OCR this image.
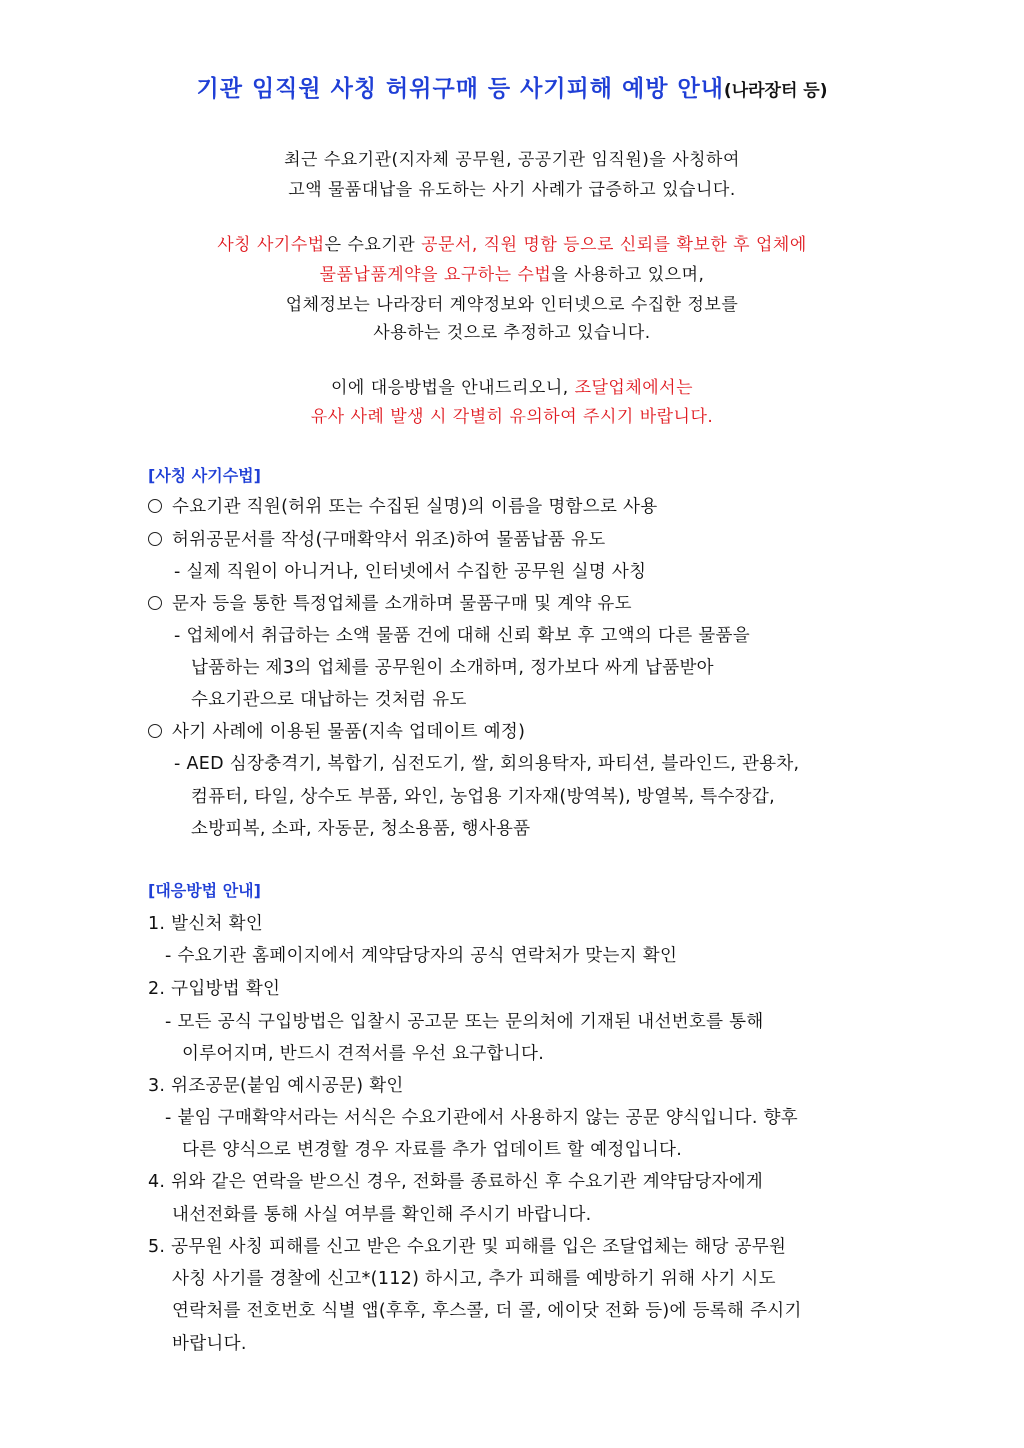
기관 임직원 사칭 허위구매 등 사기피해 예방 안내(나라장터 등)
최근 수요기관(지자체 공무원, 공공기관 임직원)을 사칭하여
고액 물품대납을 유도하는 사기 사례가 급증하고 있습니다.
사칭 사기수법은 수요기관 공문서, 직원 명함 등으로 신뢰를 확보한 후 업체에
물품납품계약을 요구하는 수법을 사용하고 있으며,
업체정보는 나라장터 계약정보와 인터넷으로 수집한 정보를
사용하는 것으로 추정하고 있습니다.
이에 대응방법을 안내드리오니, 조달업체에서는
유사 사례 발생 시 각별히 유의하여 주시기 바랍니다.
[사칭 사기수법]
수요기관 직원(허위 또는 수집된 실명)의 이름을 명함으로 사용
허위공문서를 작성(구매확약서 위조)하여 물품납품 유도
- 실제 직원이 아니거나, 인터넷에서 수집한 공무원 실명 사칭
문자 등을 통한 특정업체를 소개하며 물품구매 및 계약 유도
- 업체에서 취급하는 소액 물품 건에 대해 신뢰 확보 후 고액의 다른 물품을
납품하는 제3의 업체를 공무원이 소개하며, 정가보다 싸게 납품받아
수요기관으로 대납하는 것처럼 유도
사기 사례에 이용된 물품(지속 업데이트 예정)
- AED 심장충격기, 복합기, 심전도기, 쌀, 회의용탁자, 파티션, 블라인드, 관용차,
컴퓨터, 타일, 상수도 부품, 와인, 농업용 기자재(방역복), 방열복, 특수장갑,
소방피복, 소파, 자동문, 청소용품, 행사용품
[대응방법 안내]
1. 발신처 확인
- 수요기관 홈페이지에서 계약담당자의 공식 연락처가 맞는지 확인
2. 구입방법 확인
- 모든 공식 구입방법은 입찰시 공고문 또는 문의처에 기재된 내선번호를 통해
이루어지며, 반드시 견적서를 우선 요구합니다.
3. 위조공문(붙임 예시공문) 확인
- 붙임 구매확약서라는 서식은 수요기관에서 사용하지 않는 공문 양식입니다. 향후
다른 양식으로 변경할 경우 자료를 추가 업데이트 할 예정입니다.
4. 위와 같은 연락을 받으신 경우, 전화를 종료하신 후 수요기관 계약담당자에게
내선전화를 통해 사실 여부를 확인해 주시기 바랍니다.
5. 공무원 사칭 피해를 신고 받은 수요기관 및 피해를 입은 조달업체는 해당 공무원
사칭 사기를 경찰에 신고*(112) 하시고, 추가 피해를 예방하기 위해 사기 시도
연락처를 전호번호 식별 앱(후후, 후스콜, 더 콜, 에이닷 전화 등)에 등록해 주시기
바랍니다.
